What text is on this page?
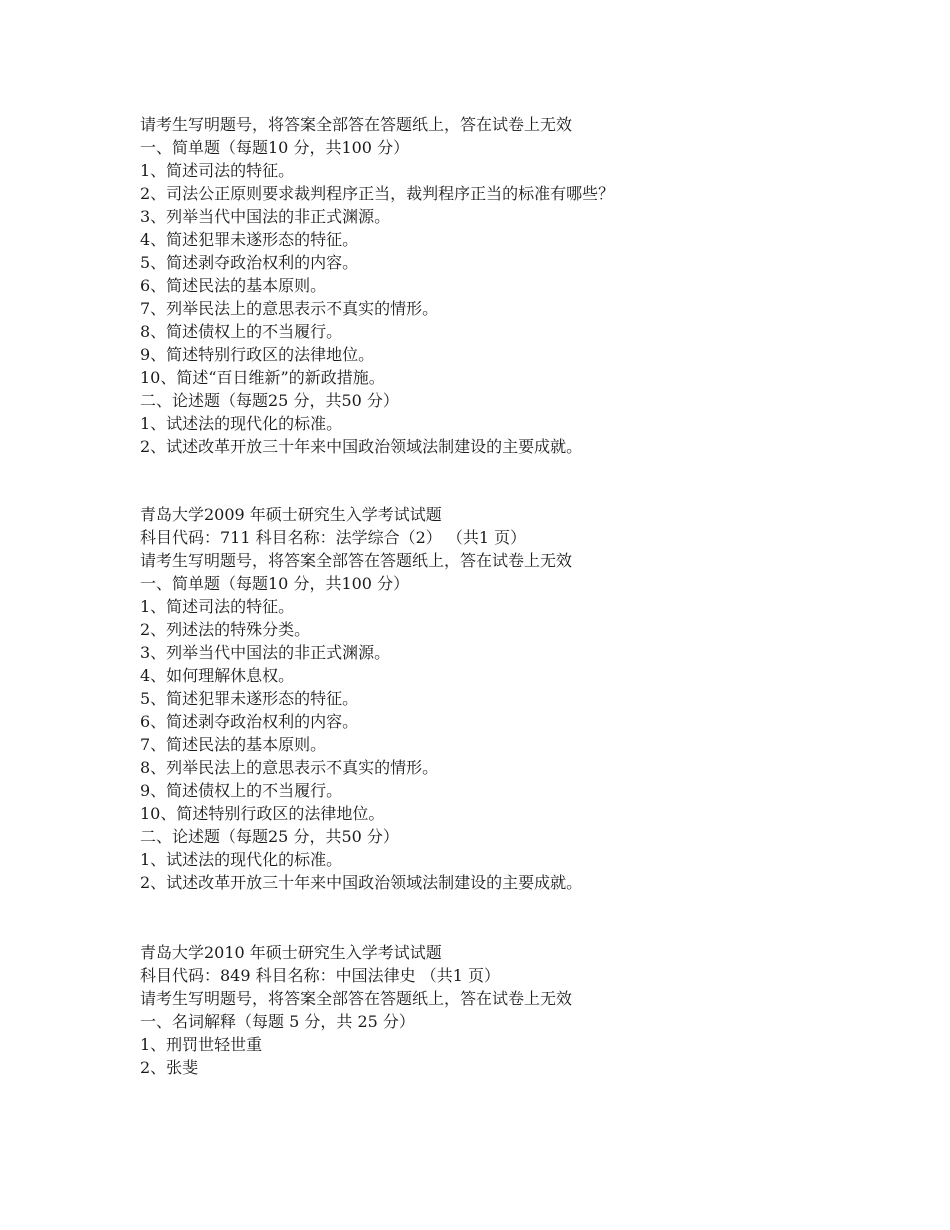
请考生写明题号，将答案全部答在答题纸上，答在试卷上无效

一、简单题（每题10 分，共100 分）

1、简述司法的特征。

2、司法公正原则要求裁判程序正当，裁判程序正当的标准有哪些？

3、列举当代中国法的非正式渊源。

4、简述犯罪未遂形态的特征。

5、简述剥夺政治权利的内容。

6、简述民法的基本原则。

7、列举民法上的意思表示不真实的情形。

8、简述债权上的不当履行。

9、简述特别行政区的法律地位。

10、简述“百日维新”的新政措施。

二、论述题（每题25 分，共50 分）

1、试述法的现代化的标准。

2、试述改革开放三十年来中国政治领域法制建设的主要成就。

青岛大学2009 年硕士研究生入学考试试题

科目代码：711 科目名称：法学综合（2） （共1 页）

请考生写明题号，将答案全部答在答题纸上，答在试卷上无效

一、简单题（每题10 分，共100 分）

1、简述司法的特征。

2、列述法的特殊分类。

3、列举当代中国法的非正式渊源。

4、如何理解休息权。

5、简述犯罪未遂形态的特征。

6、简述剥夺政治权利的内容。

7、简述民法的基本原则。

8、列举民法上的意思表示不真实的情形。

9、简述债权上的不当履行。

10、简述特别行政区的法律地位。

二、论述题（每题25 分，共50 分）

1、试述法的现代化的标准。

2、试述改革开放三十年来中国政治领域法制建设的主要成就。

青岛大学2010 年硕士研究生入学考试试题

科目代码：849 科目名称：中国法律史 （共1 页）

请考生写明题号，将答案全部答在答题纸上，答在试卷上无效

一、名词解释（每题 5 分，共 25 分）

1、刑罚世轻世重

2、张斐
